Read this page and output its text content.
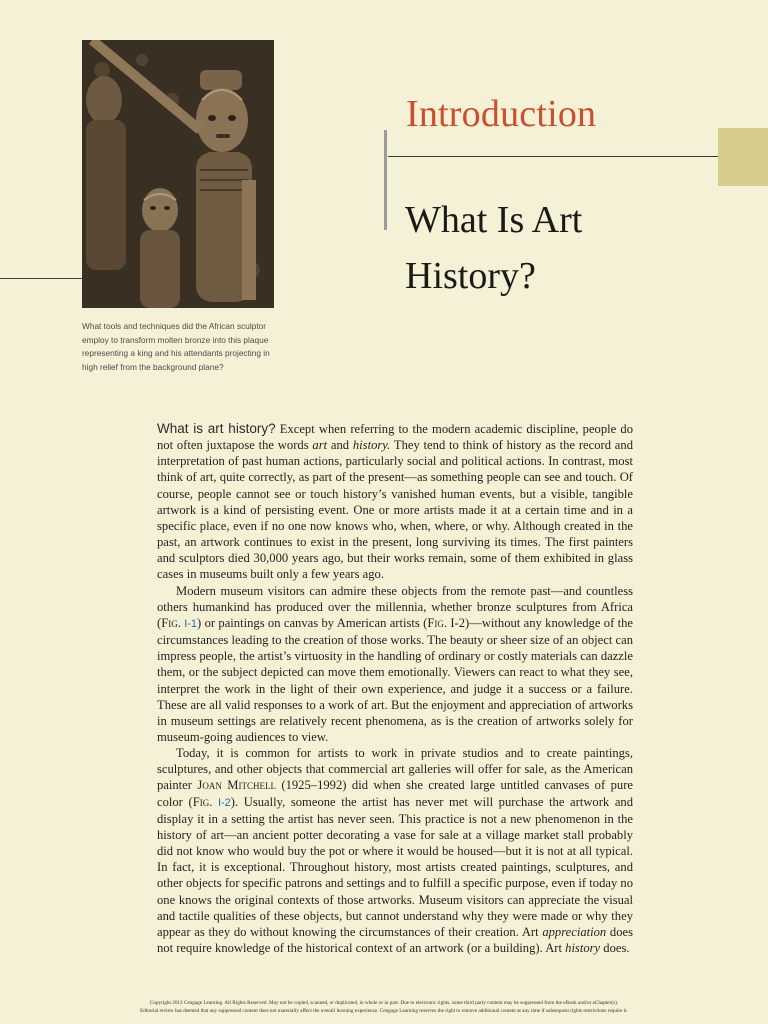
What tools and techniques did the African sculptor employ to transform molten bronze into this plaque representing a king and his attendants projecting in high relief from the background plane?
Introduction
What Is Art
History?

What is art history? Except when referring to the modern academic discipline, people do not often juxtapose the words art and history. They tend to think of history as the record and interpretation of past human actions, particularly social and political actions. In contrast, most think of art, quite correctly, as part of the present—as something people can see and touch. Of course, people cannot see or touch history’s vanished human events, but a visible, tangible artwork is a kind of persisting event. One or more artists made it at a certain time and in a specific place, even if no one now knows who, when, where, or why. Although created in the past, an artwork continues to exist in the present, long surviving its times. The first painters and sculptors died 30,000 years ago, but their works remain, some of them exhibited in glass cases in museums built only a few years ago.

Modern museum visitors can admire these objects from the remote past—and countless others humankind has produced over the millennia, whether bronze sculptures from Africa (Fig. I-1) or paintings on canvas by American artists (Fig. I-2)—without any knowledge of the circumstances leading to the creation of those works. The beauty or sheer size of an object can impress people, the artist’s virtuosity in the handling of ordinary or costly materials can dazzle them, or the subject depicted can move them emotionally. Viewers can react to what they see, interpret the work in the light of their own experience, and judge it a success or a failure. These are all valid responses to a work of art. But the enjoyment and appreciation of artworks in museum settings are relatively recent phenomena, as is the creation of artworks solely for museum-going audiences to view.

Today, it is common for artists to work in private studios and to create paintings, sculptures, and other objects that commercial art galleries will offer for sale, as the American painter Joan Mitchell (1925–1992) did when she created large untitled canvases of pure color (Fig. I-2). Usually, someone the artist has never met will purchase the artwork and display it in a setting the artist has never seen. This practice is not a new phenomenon in the history of art—an ancient potter decorating a vase for sale at a village market stall probably did not know who would buy the pot or where it would be housed—but it is not at all typical. In fact, it is exceptional. Throughout history, most artists created paintings, sculptures, and other objects for specific patrons and settings and to fulfill a specific purpose, even if today no one knows the original contexts of those artworks. Museum visitors can appreciate the visual and tactile qualities of these objects, but cannot understand why they were made or why they appear as they do without knowing the circumstances of their creation. Art appreciation does not require knowledge of the historical context of an artwork (or a building). Art history does.

Copyright 2012 Cengage Learning. All Rights Reserved. May not be copied, scanned, or duplicated, in whole or in part. Due to electronic rights, some third party content may be suppressed from the eBook and/or eChapter(s).
Editorial review has deemed that any suppressed content does not materially affect the overall learning experience. Cengage Learning reserves the right to remove additional content at any time if subsequent rights restrictions require it.
